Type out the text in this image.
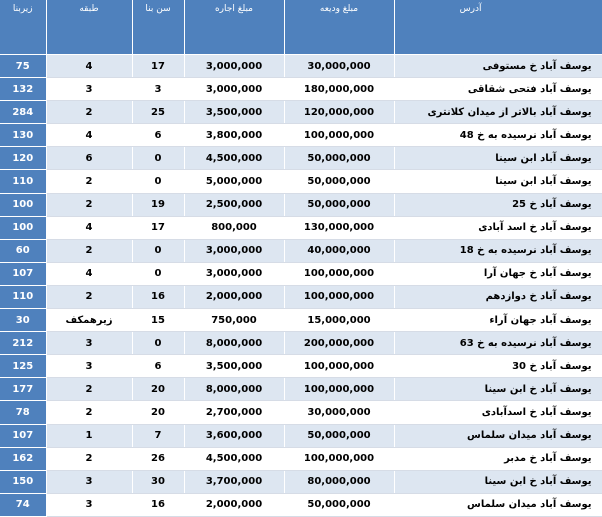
زیربنا	طبقه	سن بنا	مبلغ اجاره	مبلغ ودیعه	آدرس
75	4	17	3,000,000	30,000,000	یوسف آباد خ مستوفی
132	3	3	3,000,000	180,000,000	یوسف آباد فتحی شقاقی
284	2	25	3,500,000	120,000,000	یوسف آباد بالاتر از میدان کلانتری
130	4	6	3,800,000	100,000,000	یوسف آباد نرسیده به خ 48
120	6	0	4,500,000	50,000,000	یوسف آباد ابن سینا
110	2	0	5,000,000	50,000,000	یوسف آباد ابن سینا
100	2	19	2,500,000	50,000,000	یوسف آباد خ 25
100	4	17	800,000	130,000,000	یوسف آباد خ اسد آبادی
60	2	0	3,000,000	40,000,000	یوسف آباد نرسیده به خ 18
107	4	0	3,000,000	100,000,000	یوسف آباد خ جهان آرا
110	2	16	2,000,000	100,000,000	یوسف آباد خ دوازدهم
30	زیرهمکف	15	750,000	15,000,000	یوسف آباد جهان آراء
212	3	0	8,000,000	200,000,000	یوسف آباد نرسیده به خ 63
125	3	6	3,500,000	100,000,000	یوسف آباد خ 30
177	2	20	8,000,000	100,000,000	یوسف آباد خ ابن سینا
78	2	20	2,700,000	30,000,000	یوسف آباد خ اسدآبادی
107	1	7	3,600,000	50,000,000	یوسف آباد میدان سلماس
162	2	26	4,500,000	100,000,000	یوسف آباد خ مدبر
150	3	30	3,700,000	80,000,000	یوسف آباد خ ابن سینا
74	3	16	2,000,000	50,000,000	یوسف آباد میدان سلماس
